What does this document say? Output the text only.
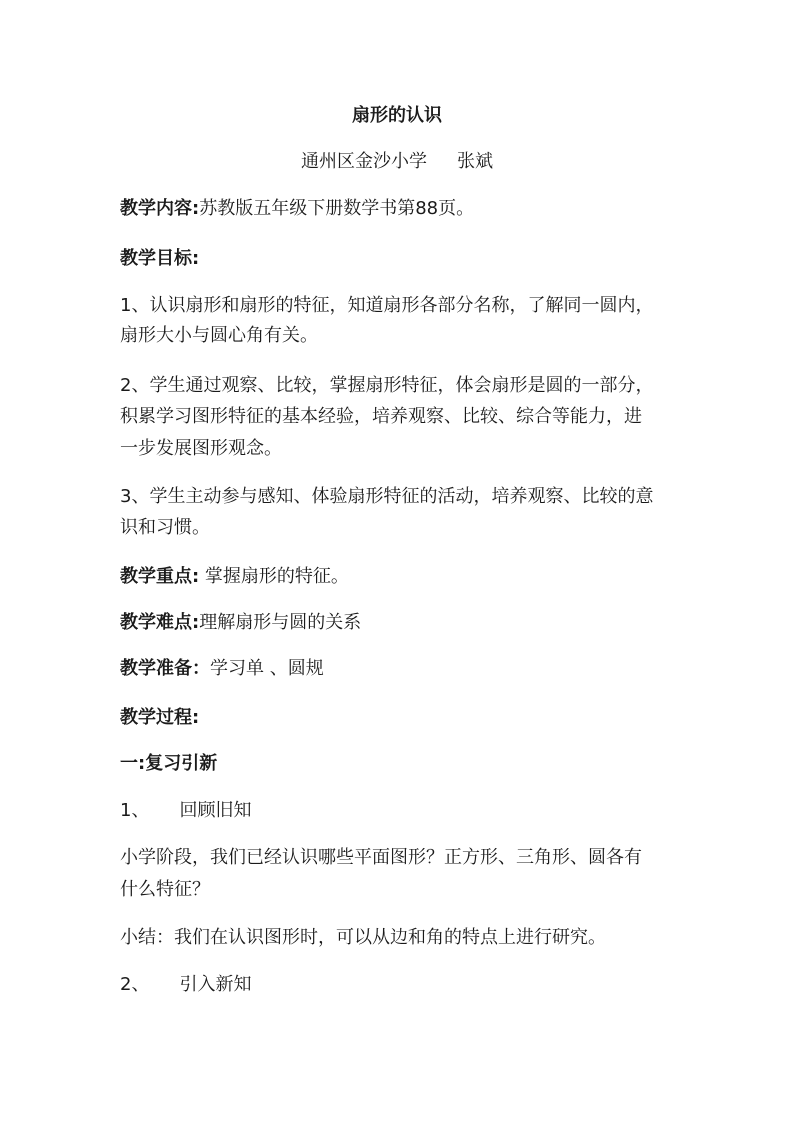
扇形的认识
通州区金沙小学 张斌
教学内容:苏教版五年级下册数学书第88页。
教学目标:
1、认识扇形和扇形的特征，知道扇形各部分名称，了解同一圆内，
扇形大小与圆心角有关。
2、学生通过观察、比较，掌握扇形特征，体会扇形是圆的一部分，
积累学习图形特征的基本经验，培养观察、比较、综合等能力，进
一步发展图形观念。
3、学生主动参与感知、体验扇形特征的活动，培养观察、比较的意
识和习惯。
教学重点: 掌握扇形的特征。
教学难点:理解扇形与圆的关系
教学准备：学习单 、圆规
教学过程:
一:复习引新
1、 回顾旧知
小学阶段，我们已经认识哪些平面图形？正方形、三角形、圆各有
什么特征？
小结：我们在认识图形时，可以从边和角的特点上进行研究。
2、 引入新知
